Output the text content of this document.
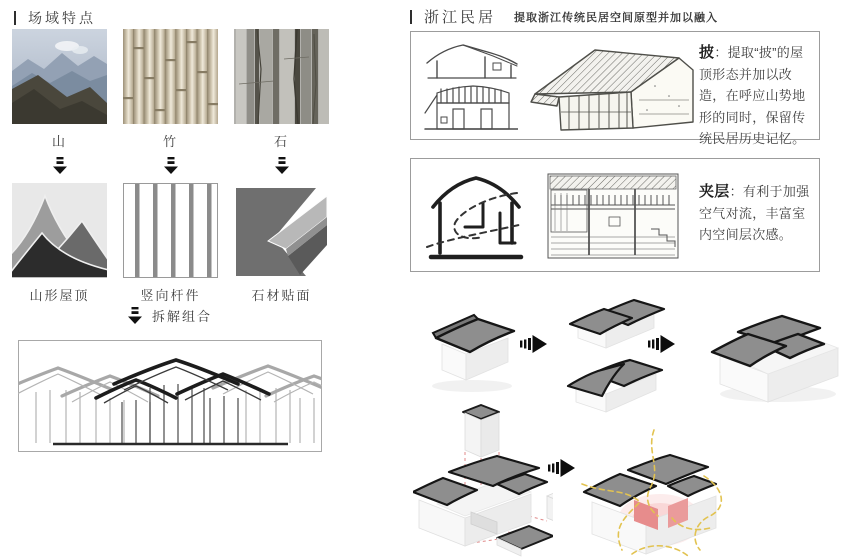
场域特点
山	竹	石
山形屋顶	竖向杆件	石材贴面
拆解组合
浙江民居 提取浙江传统民居空间原型并加以融入
披：提取“披”的屋顶形态并加以改造，在呼应山势地形的同时，保留传统民居历史记忆。
夹层：有利于加强空气对流，丰富室内空间层次感。
